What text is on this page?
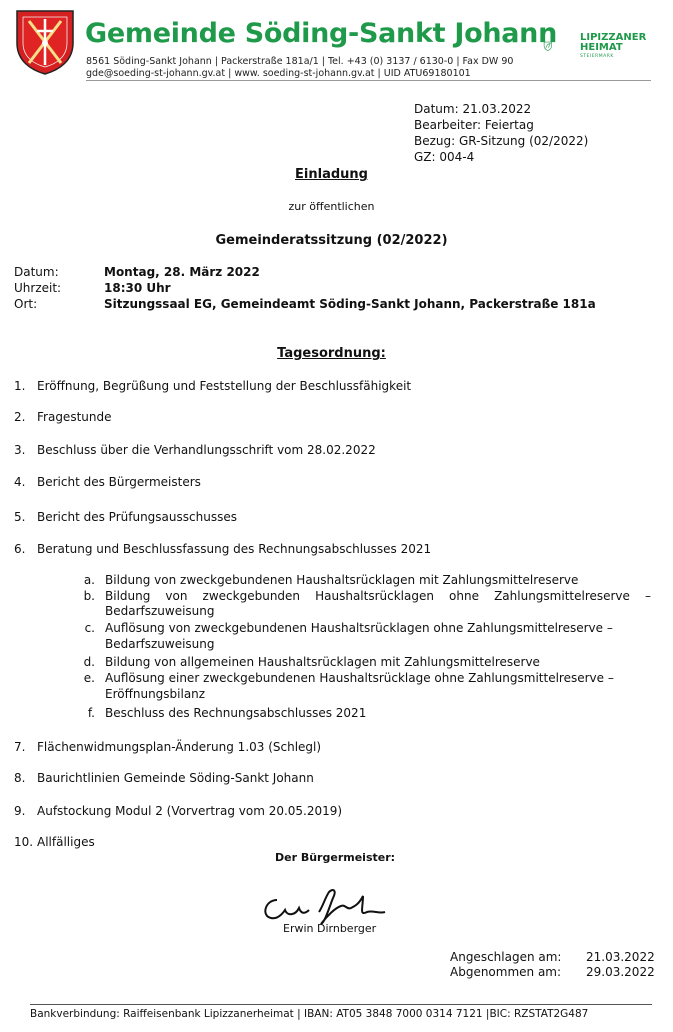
Gemeinde Söding-Sankt Johann
8561 Söding-Sankt Johann | Packerstraße 181a/1 | Tel. +43 (0) 3137 / 6130-0 | Fax DW 90
gde@soeding-st-johann.gv.at | www. soeding-st-johann.gv.at | UID ATU69180101
LIPIZZANER
HEIMAT
STEIERMARK
Datum: 21.03.2022
Bearbeiter: Feiertag
Bezug: GR-Sitzung (02/2022)
GZ: 004-4
Einladung
zur öffentlichen
Gemeinderatssitzung (02/2022)
Datum:	Montag, 28. März 2022
Uhrzeit:	18:30 Uhr
Ort:	Sitzungssaal EG, Gemeindeamt Söding-Sankt Johann, Packerstraße 181a
Tagesordnung:
1. Eröffnung, Begrüßung und Feststellung der Beschlussfähigkeit
2. Fragestunde
3. Beschluss über die Verhandlungsschrift vom 28.02.2022
4. Bericht des Bürgermeisters
5. Bericht des Prüfungsausschusses
6. Beratung und Beschlussfassung des Rechnungsabschlusses 2021
a. Bildung von zweckgebundenen Haushaltsrücklagen mit Zahlungsmittelreserve
b. Bildung von zweckgebunden Haushaltsrücklagen ohne Zahlungsmittelreserve –
Bedarfszuweisung
c. Auflösung von zweckgebundenen Haushaltsrücklagen ohne Zahlungsmittelreserve –
Bedarfszuweisung
d. Bildung von allgemeinen Haushaltsrücklagen mit Zahlungsmittelreserve
e. Auflösung einer zweckgebundenen Haushaltsrücklage ohne Zahlungsmittelreserve –
Eröffnungsbilanz
f. Beschluss des Rechnungsabschlusses 2021
7. Flächenwidmungsplan-Änderung 1.03 (Schlegl)
8. Baurichtlinien Gemeinde Söding-Sankt Johann
9. Aufstockung Modul 2 (Vorvertrag vom 20.05.2019)
10. Allfälliges
Der Bürgermeister:
Erwin Dirnberger
Angeschlagen am: 21.03.2022
Abgenommen am: 29.03.2022
Bankverbindung: Raiffeisenbank Lipizzanerheimat | IBAN: AT05 3848 7000 0314 7121 |BIC: RZSTAT2G487
